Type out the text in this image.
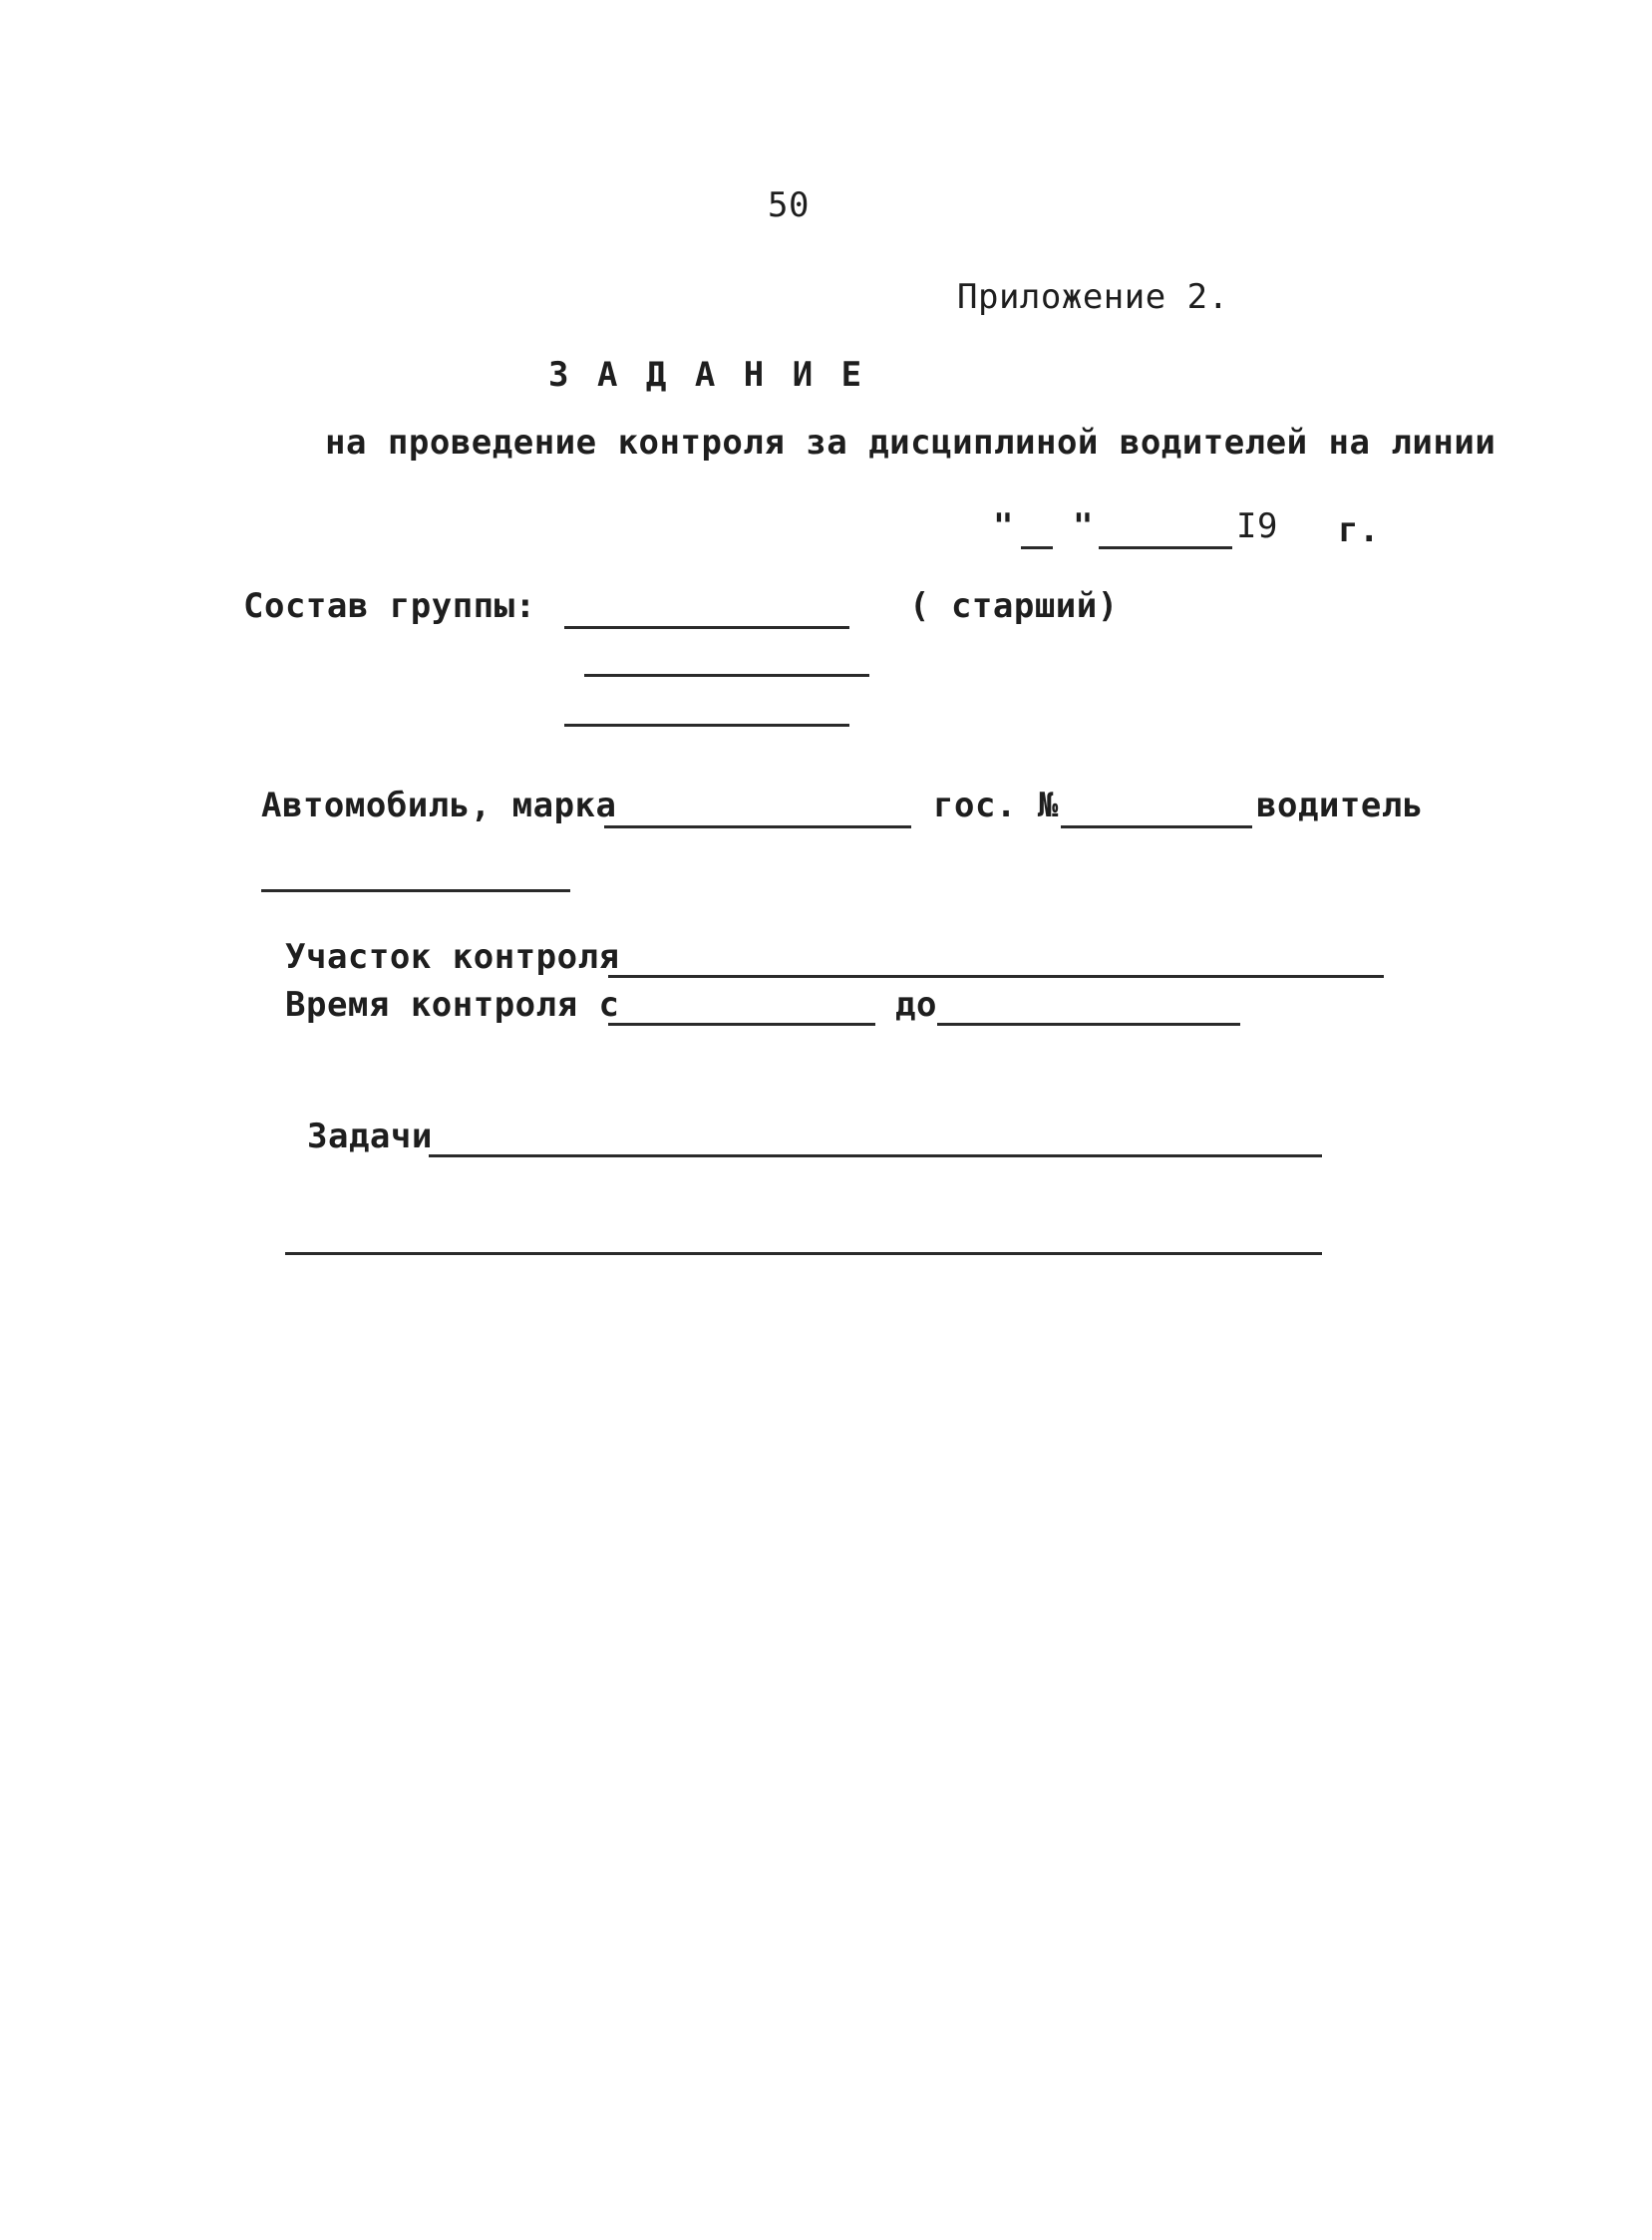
50
Приложение 2.
З А Д А Н И Е
на проведение контроля за дисциплиной водителей на линии
" "	I9 г.
Состав группы:	( старший)
Автомобиль, марка	гос. №	водитель
Участок контроля
Время контроля с	до
Задачи
